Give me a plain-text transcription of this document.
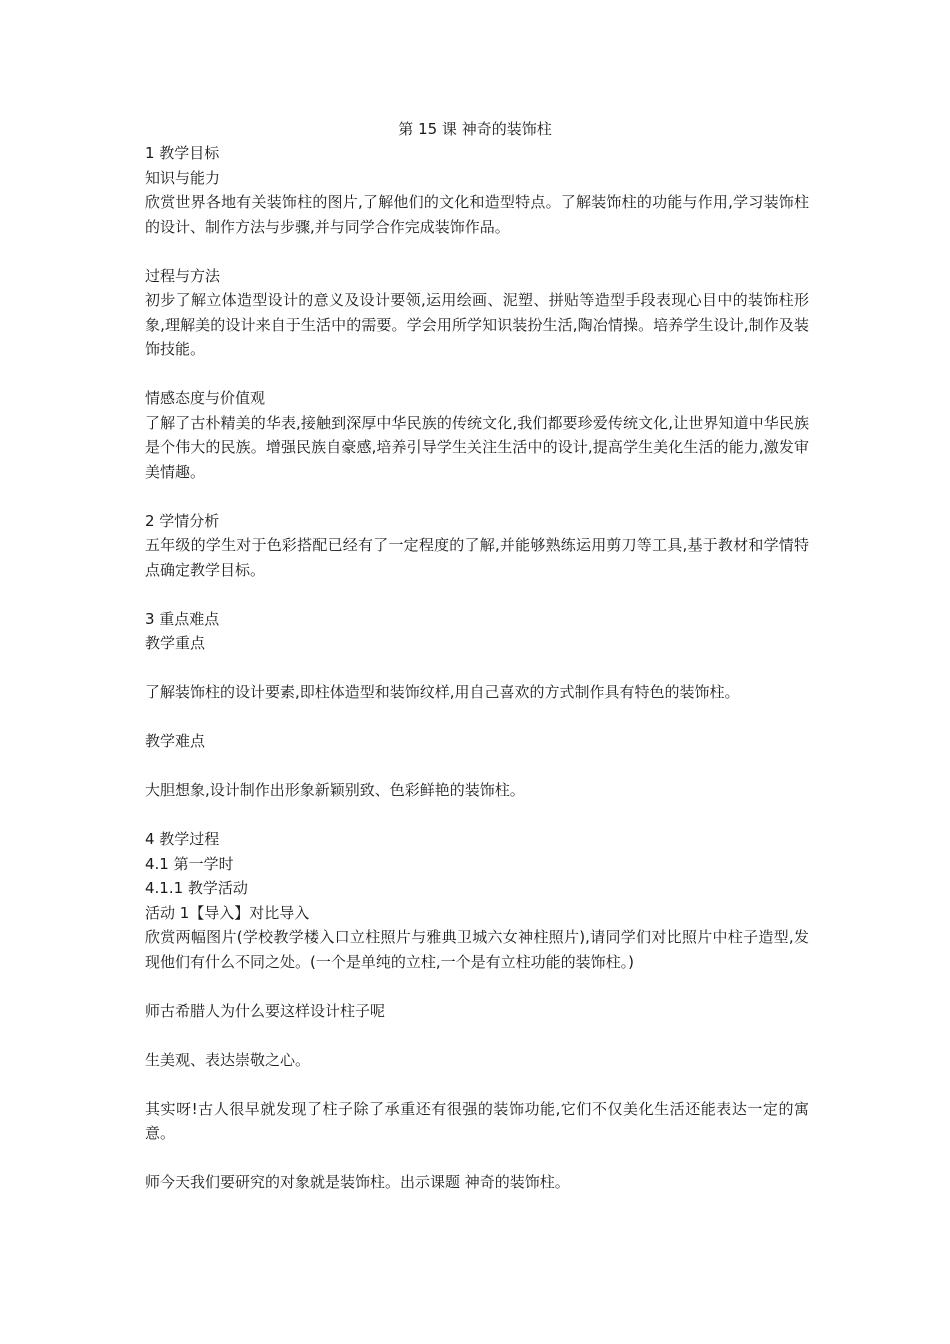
第 15 课 神奇的装饰柱

1 教学目标

知识与能力

欣赏世界各地有关装饰柱的图片,了解他们的文化和造型特点。了解装饰柱的功能与作用,学习装饰柱的设计、制作方法与步骤,并与同学合作完成装饰作品。

过程与方法

初步了解立体造型设计的意义及设计要领,运用绘画、泥塑、拼贴等造型手段表现心目中的装饰柱形象,理解美的设计来自于生活中的需要。学会用所学知识装扮生活,陶冶情操。培养学生设计,制作及装饰技能。

情感态度与价值观

了解了古朴精美的华表,接触到深厚中华民族的传统文化,我们都要珍爱传统文化,让世界知道中华民族是个伟大的民族。增强民族自豪感,培养引导学生关注生活中的设计,提高学生美化生活的能力,激发审美情趣。

2 学情分析

五年级的学生对于色彩搭配已经有了一定程度的了解,并能够熟练运用剪刀等工具,基于教材和学情特点确定教学目标。

3 重点难点

教学重点

了解装饰柱的设计要素,即柱体造型和装饰纹样,用自己喜欢的方式制作具有特色的装饰柱。

教学难点

大胆想象,设计制作出形象新颖别致、色彩鲜艳的装饰柱。

4 教学过程

4.1 第一学时

4.1.1 教学活动

活动 1【导入】对比导入

欣赏两幅图片(学校教学楼入口立柱照片与雅典卫城六女神柱照片),请同学们对比照片中柱子造型,发现他们有什么不同之处。(一个是单纯的立柱,一个是有立柱功能的装饰柱。)

师古希腊人为什么要这样设计柱子呢

生美观、表达崇敬之心。

其实呀!古人很早就发现了柱子除了承重还有很强的装饰功能,它们不仅美化生活还能表达一定的寓意。

师今天我们要研究的对象就是装饰柱。出示课题 神奇的装饰柱。
